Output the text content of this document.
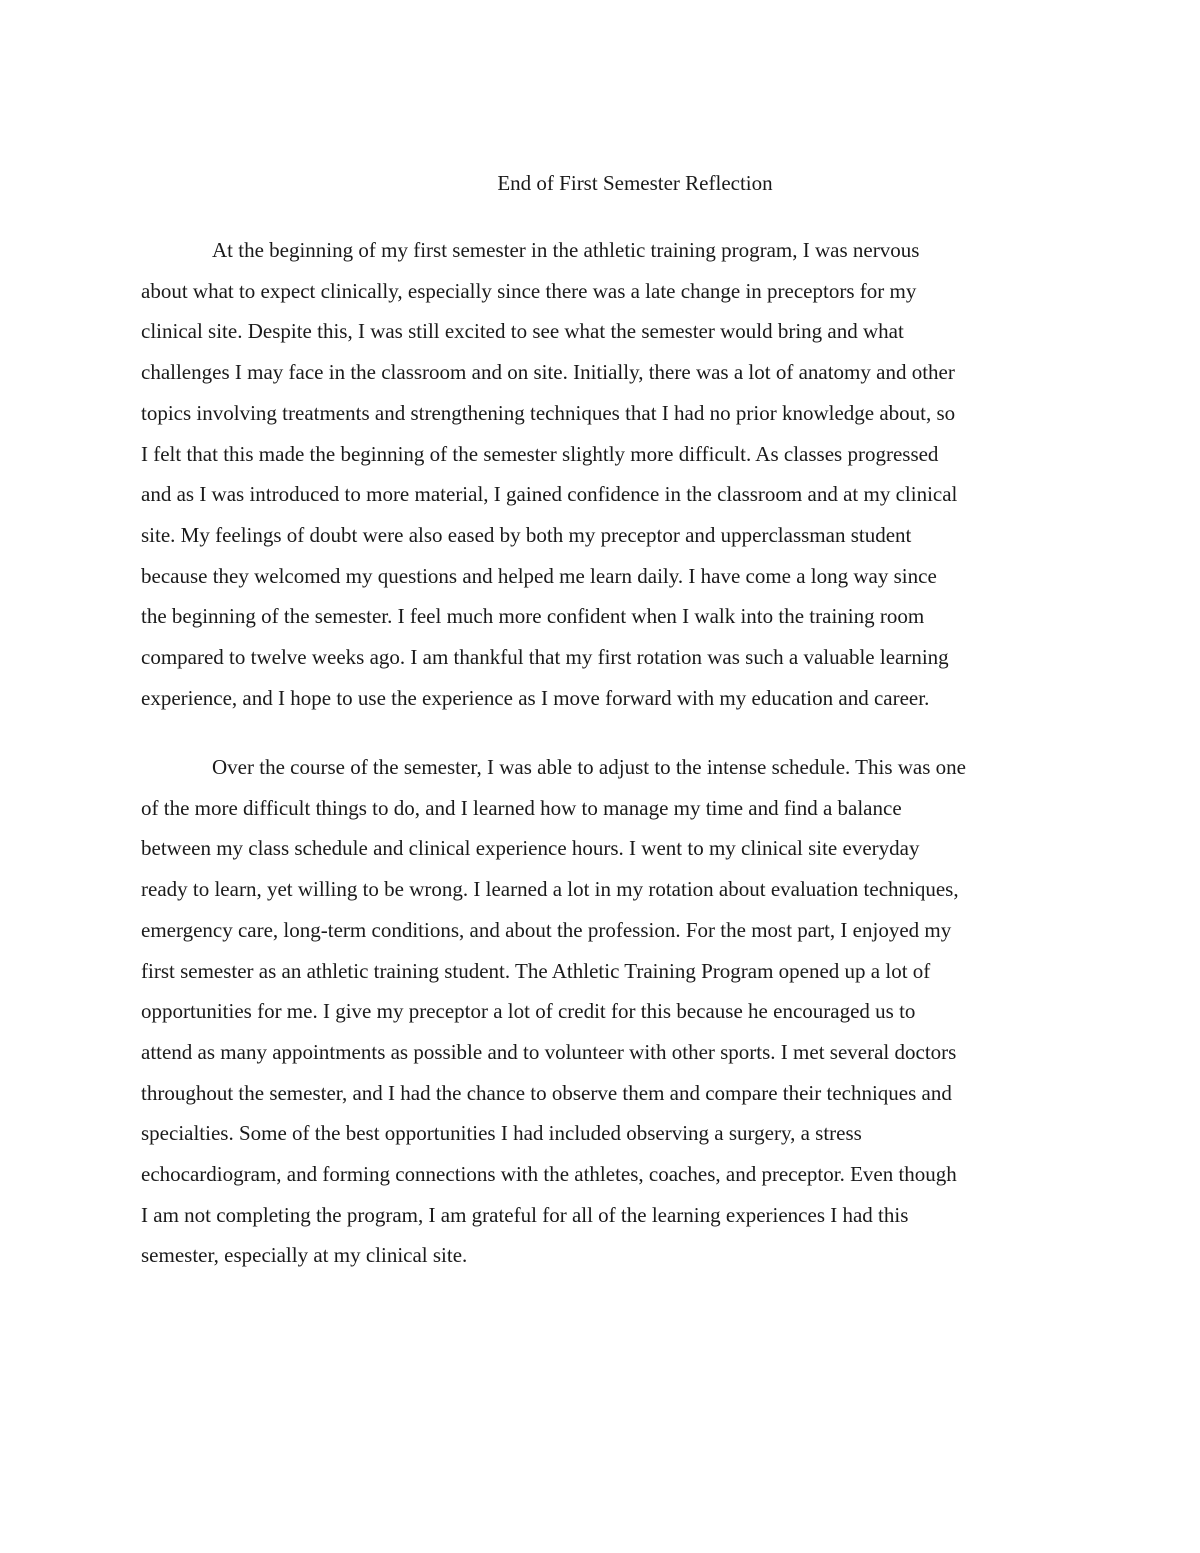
End of First Semester Reflection

At the beginning of my first semester in the athletic training program, I was nervous
about what to expect clinically, especially since there was a late change in preceptors for my
clinical site. Despite this, I was still excited to see what the semester would bring and what
challenges I may face in the classroom and on site. Initially, there was a lot of anatomy and other
topics involving treatments and strengthening techniques that I had no prior knowledge about, so
I felt that this made the beginning of the semester slightly more difficult. As classes progressed
and as I was introduced to more material, I gained confidence in the classroom and at my clinical
site. My feelings of doubt were also eased by both my preceptor and upperclassman student
because they welcomed my questions and helped me learn daily. I have come a long way since
the beginning of the semester. I feel much more confident when I walk into the training room
compared to twelve weeks ago. I am thankful that my first rotation was such a valuable learning
experience, and I hope to use the experience as I move forward with my education and career.

Over the course of the semester, I was able to adjust to the intense schedule. This was one
of the more difficult things to do, and I learned how to manage my time and find a balance
between my class schedule and clinical experience hours. I went to my clinical site everyday
ready to learn, yet willing to be wrong. I learned a lot in my rotation about evaluation techniques,
emergency care, long-term conditions, and about the profession. For the most part, I enjoyed my
first semester as an athletic training student. The Athletic Training Program opened up a lot of
opportunities for me. I give my preceptor a lot of credit for this because he encouraged us to
attend as many appointments as possible and to volunteer with other sports. I met several doctors
throughout the semester, and I had the chance to observe them and compare their techniques and
specialties. Some of the best opportunities I had included observing a surgery, a stress
echocardiogram, and forming connections with the athletes, coaches, and preceptor. Even though
I am not completing the program, I am grateful for all of the learning experiences I had this
semester, especially at my clinical site.
